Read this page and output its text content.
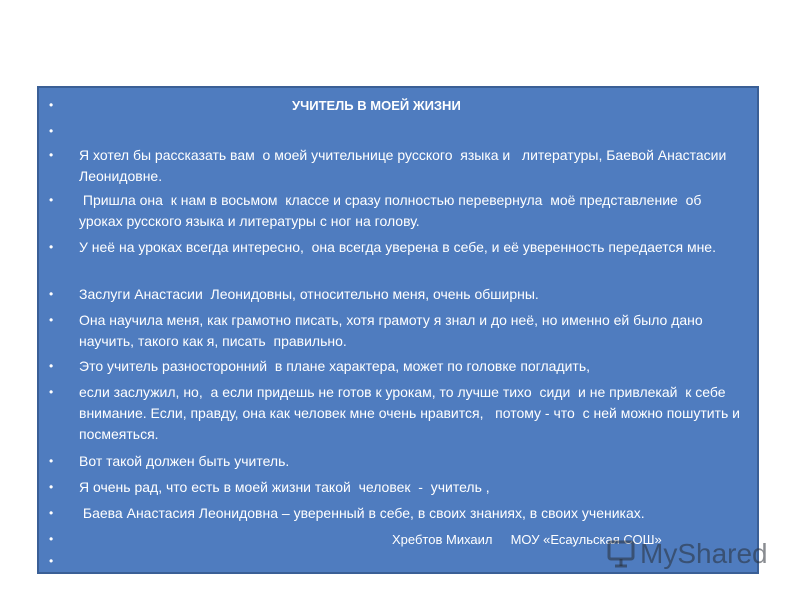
•	УЧИТЕЛЬ В МОЕЙ ЖИЗНИ
•
•	Я хотел бы рассказать вам  о моей учительнице русского  языка и   литературы, Баевой Анастасии Леонидовне.
•	Пришла она  к нам в восьмом  классе и сразу полностью перевернула  моё представление  об  уроках русского языка и литературы с ног на голову.
•	У неё на уроках всегда интересно,  она всегда уверена в себе, и её уверенность передается мне.
•	Заслуги Анастасии  Леонидовны, относительно меня, очень обширны.
•	Она научила меня, как грамотно писать, хотя грамоту я знал и до неё, но именно ей было дано научить, такого как я, писать  правильно.
•	Это учитель разносторонний  в плане характера, может по головке погладить,
•	если заслужил, но,  а если придешь не готов к урокам, то лучше тихо  сиди  и не привлекай  к себе внимание. Если, правду, она как человек мне очень нравится,   потому - что  с ней можно пошутить и посмеяться.
•	Вот такой должен быть учитель.
•	Я очень рад, что есть в моей жизни такой  человек  -  учитель ,
•	Баева Анастасия Леонидовна – уверенный в себе, в своих знаниях, в своих учениках.
•	Хребтов Михаил     МОУ «Есаульская СОШ»
•	MyShared
